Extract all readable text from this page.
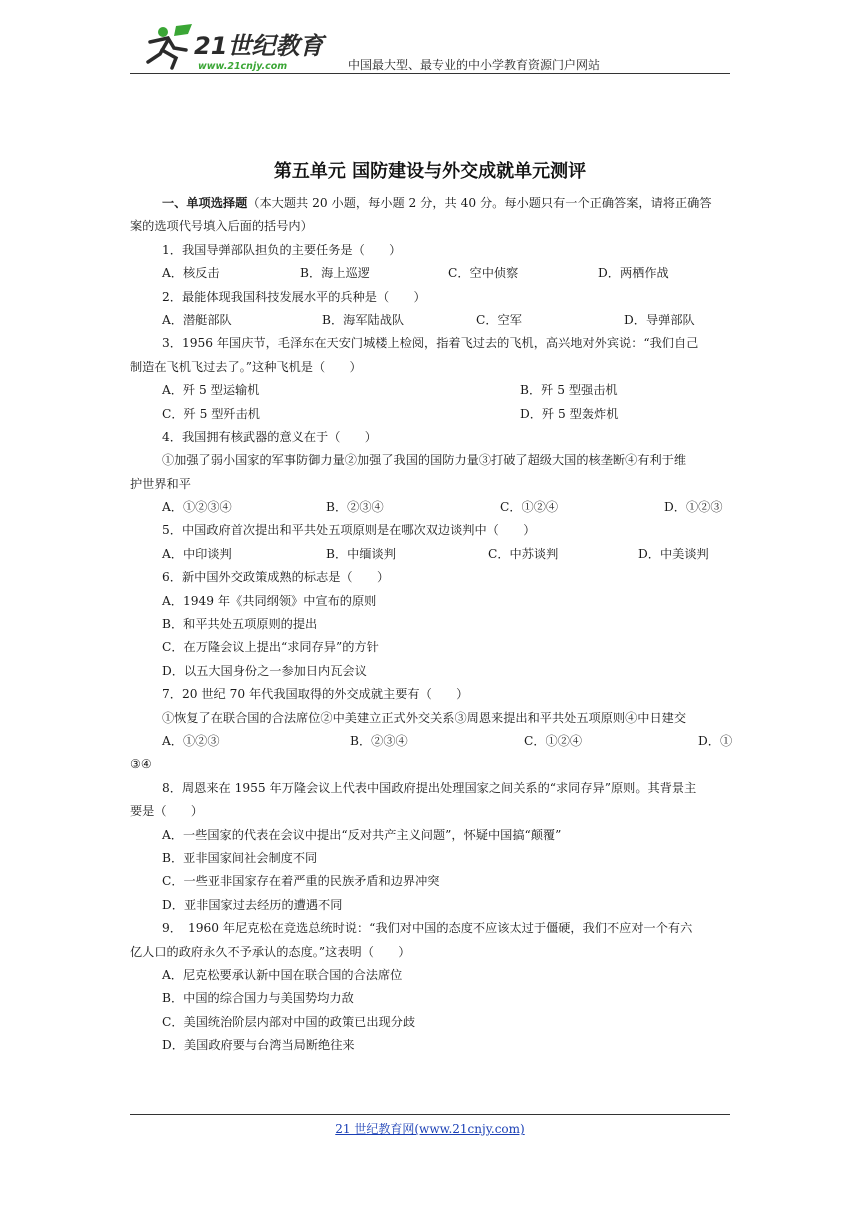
21世纪教育
www.21cnjy.com	中国最大型、最专业的中小学教育资源门户网站
第五单元 国防建设与外交成就单元测评
一、单项选择题（本大题共 20 小题，每小题 2 分，共 40 分。每小题只有一个正确答案，请将正确答
案的选项代号填入后面的括号内）
1．我国导弹部队担负的主要任务是（　　）
A．核反击	B．海上巡逻	C．空中侦察	D．两栖作战
2．最能体现我国科技发展水平的兵种是（　　）
A．潜艇部队	B．海军陆战队	C．空军	D．导弹部队
3．1956 年国庆节，毛泽东在天安门城楼上检阅，指着飞过去的飞机，高兴地对外宾说：“我们自己
制造在飞机飞过去了。”这种飞机是（　　）
A．歼 5 型运输机	B．歼 5 型强击机
C．歼 5 型歼击机	D．歼 5 型轰炸机
4．我国拥有核武器的意义在于（　　）
①加强了弱小国家的军事防御力量②加强了我国的国防力量③打破了超级大国的核垄断④有利于维
护世界和平
A．①②③④	B．②③④	C．①②④	D．①②③
5．中国政府首次提出和平共处五项原则是在哪次双边谈判中（　　）
A．中印谈判	B．中缅谈判	C．中苏谈判	D．中美谈判
6．新中国外交政策成熟的标志是（　　）
A．1949 年《共同纲领》中宣布的原则
B．和平共处五项原则的提出
C．在万隆会议上提出“求同存异”的方针
D．以五大国身份之一参加日内瓦会议
7．20 世纪 70 年代我国取得的外交成就主要有（　　）
①恢复了在联合国的合法席位②中美建立正式外交关系③周恩来提出和平共处五项原则④中日建交
A．①②③	B．②③④	C．①②④	D．①
③④
8．周恩来在 1955 年万隆会议上代表中国政府提出处理国家之间关系的“求同存异”原则。其背景主
要是（　　）
A．一些国家的代表在会议中提出“反对共产主义问题”，怀疑中国搞“颠覆”
B．亚非国家间社会制度不同
C．一些亚非国家存在着严重的民族矛盾和边界冲突
D．亚非国家过去经历的遭遇不同
9．　1960 年尼克松在竞选总统时说：“我们对中国的态度不应该太过于僵硬，我们不应对一个有六
亿人口的政府永久不予承认的态度。”这表明（　　）
A．尼克松要承认新中国在联合国的合法席位
B．中国的综合国力与美国势均力敌
C．美国统治阶层内部对中国的政策已出现分歧
D．美国政府要与台湾当局断绝往来
21 世纪教育网(www.21cnjy.com)
